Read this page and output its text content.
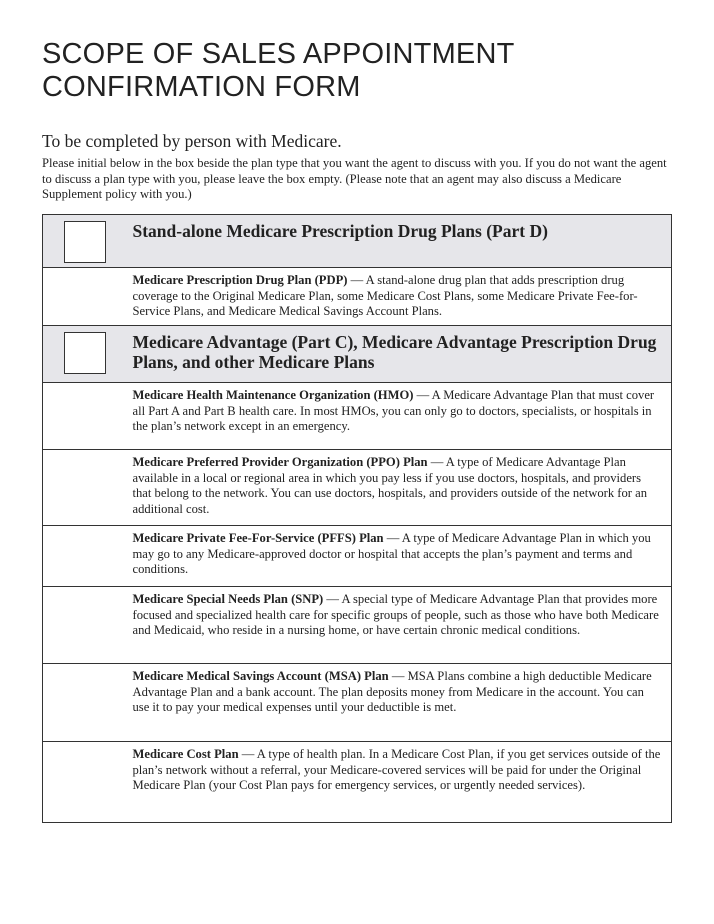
SCOPE OF SALES APPOINTMENT
CONFIRMATION FORM
To be completed by person with Medicare.
Please initial below in the box beside the plan type that you want the agent to discuss with you. If you do not want the agent to discuss a plan type with you, please leave the box empty. (Please note that an agent may also discuss a Medicare Supplement policy with you.)

	Stand-alone Medicare Prescription Drug Plans (Part D)

	Medicare Prescription Drug Plan (PDP) — A stand-alone drug plan that adds prescription drug coverage to the Original Medicare Plan, some Medicare Cost Plans, some Medicare Private Fee-for-Service Plans, and Medicare Medical Savings Account Plans.

	Medicare Advantage (Part C), Medicare Advantage Prescription Drug Plans, and other Medicare Plans

	Medicare Health Maintenance Organization (HMO) — A Medicare Advantage Plan that must cover all Part A and Part B health care. In most HMOs, you can only go to doctors, specialists, or hospitals in the plan’s network except in an emergency.

	Medicare Preferred Provider Organization (PPO) Plan — A type of Medicare Advantage Plan available in a local or regional area in which you pay less if you use doctors, hospitals, and providers that belong to the network. You can use doctors, hospitals, and providers outside of the network for an additional cost.

	Medicare Private Fee-For-Service (PFFS) Plan — A type of Medicare Advantage Plan in which you may go to any Medicare-approved doctor or hospital that accepts the plan’s payment and terms and conditions.

	Medicare Special Needs Plan (SNP) — A special type of Medicare Advantage Plan that provides more focused and specialized health care for specific groups of people, such as those who have both Medicare and Medicaid, who reside in a nursing home, or have certain chronic medical conditions.

	Medicare Medical Savings Account (MSA) Plan — MSA Plans combine a high deductible Medicare Advantage Plan and a bank account. The plan deposits money from Medicare in the account. You can use it to pay your medical expenses until your deductible is met.

	Medicare Cost Plan — A type of health plan. In a Medicare Cost Plan, if you get services outside of the plan’s network without a referral, your Medicare-covered services will be paid for under the Original Medicare Plan (your Cost Plan pays for emergency services, or urgently needed services).
